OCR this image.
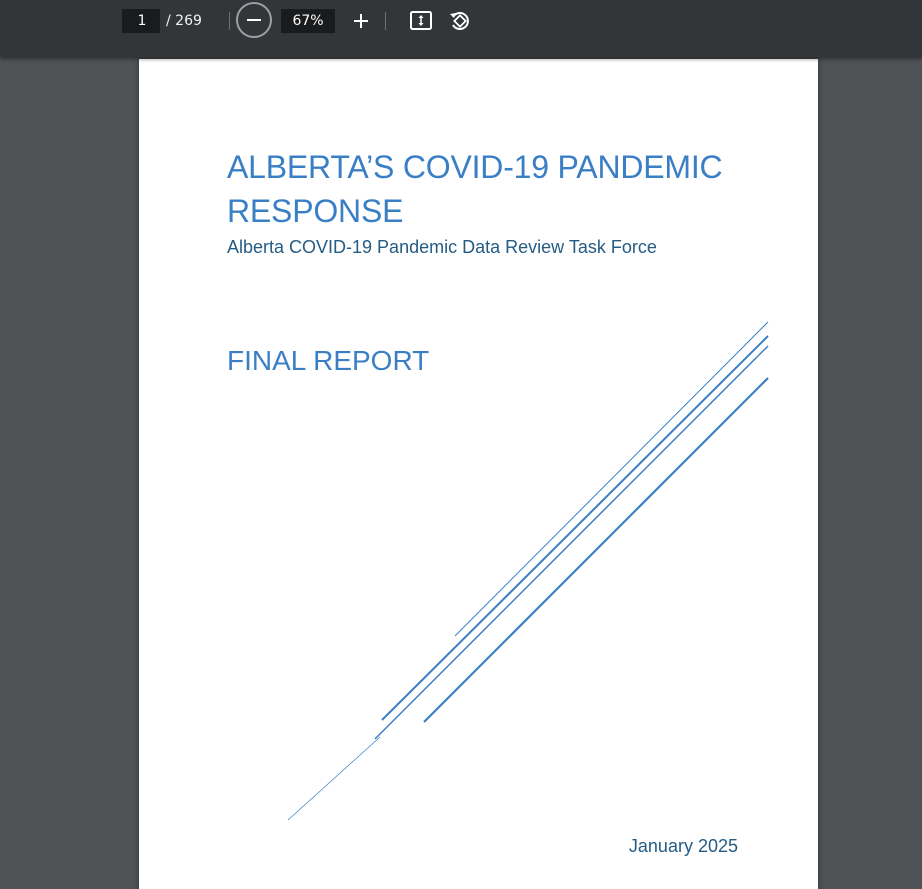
1
/ 269
67%
ALBERTA’S COVID-19 PANDEMIC RESPONSE
Alberta COVID-19 Pandemic Data Review Task Force
FINAL REPORT
January 2025
